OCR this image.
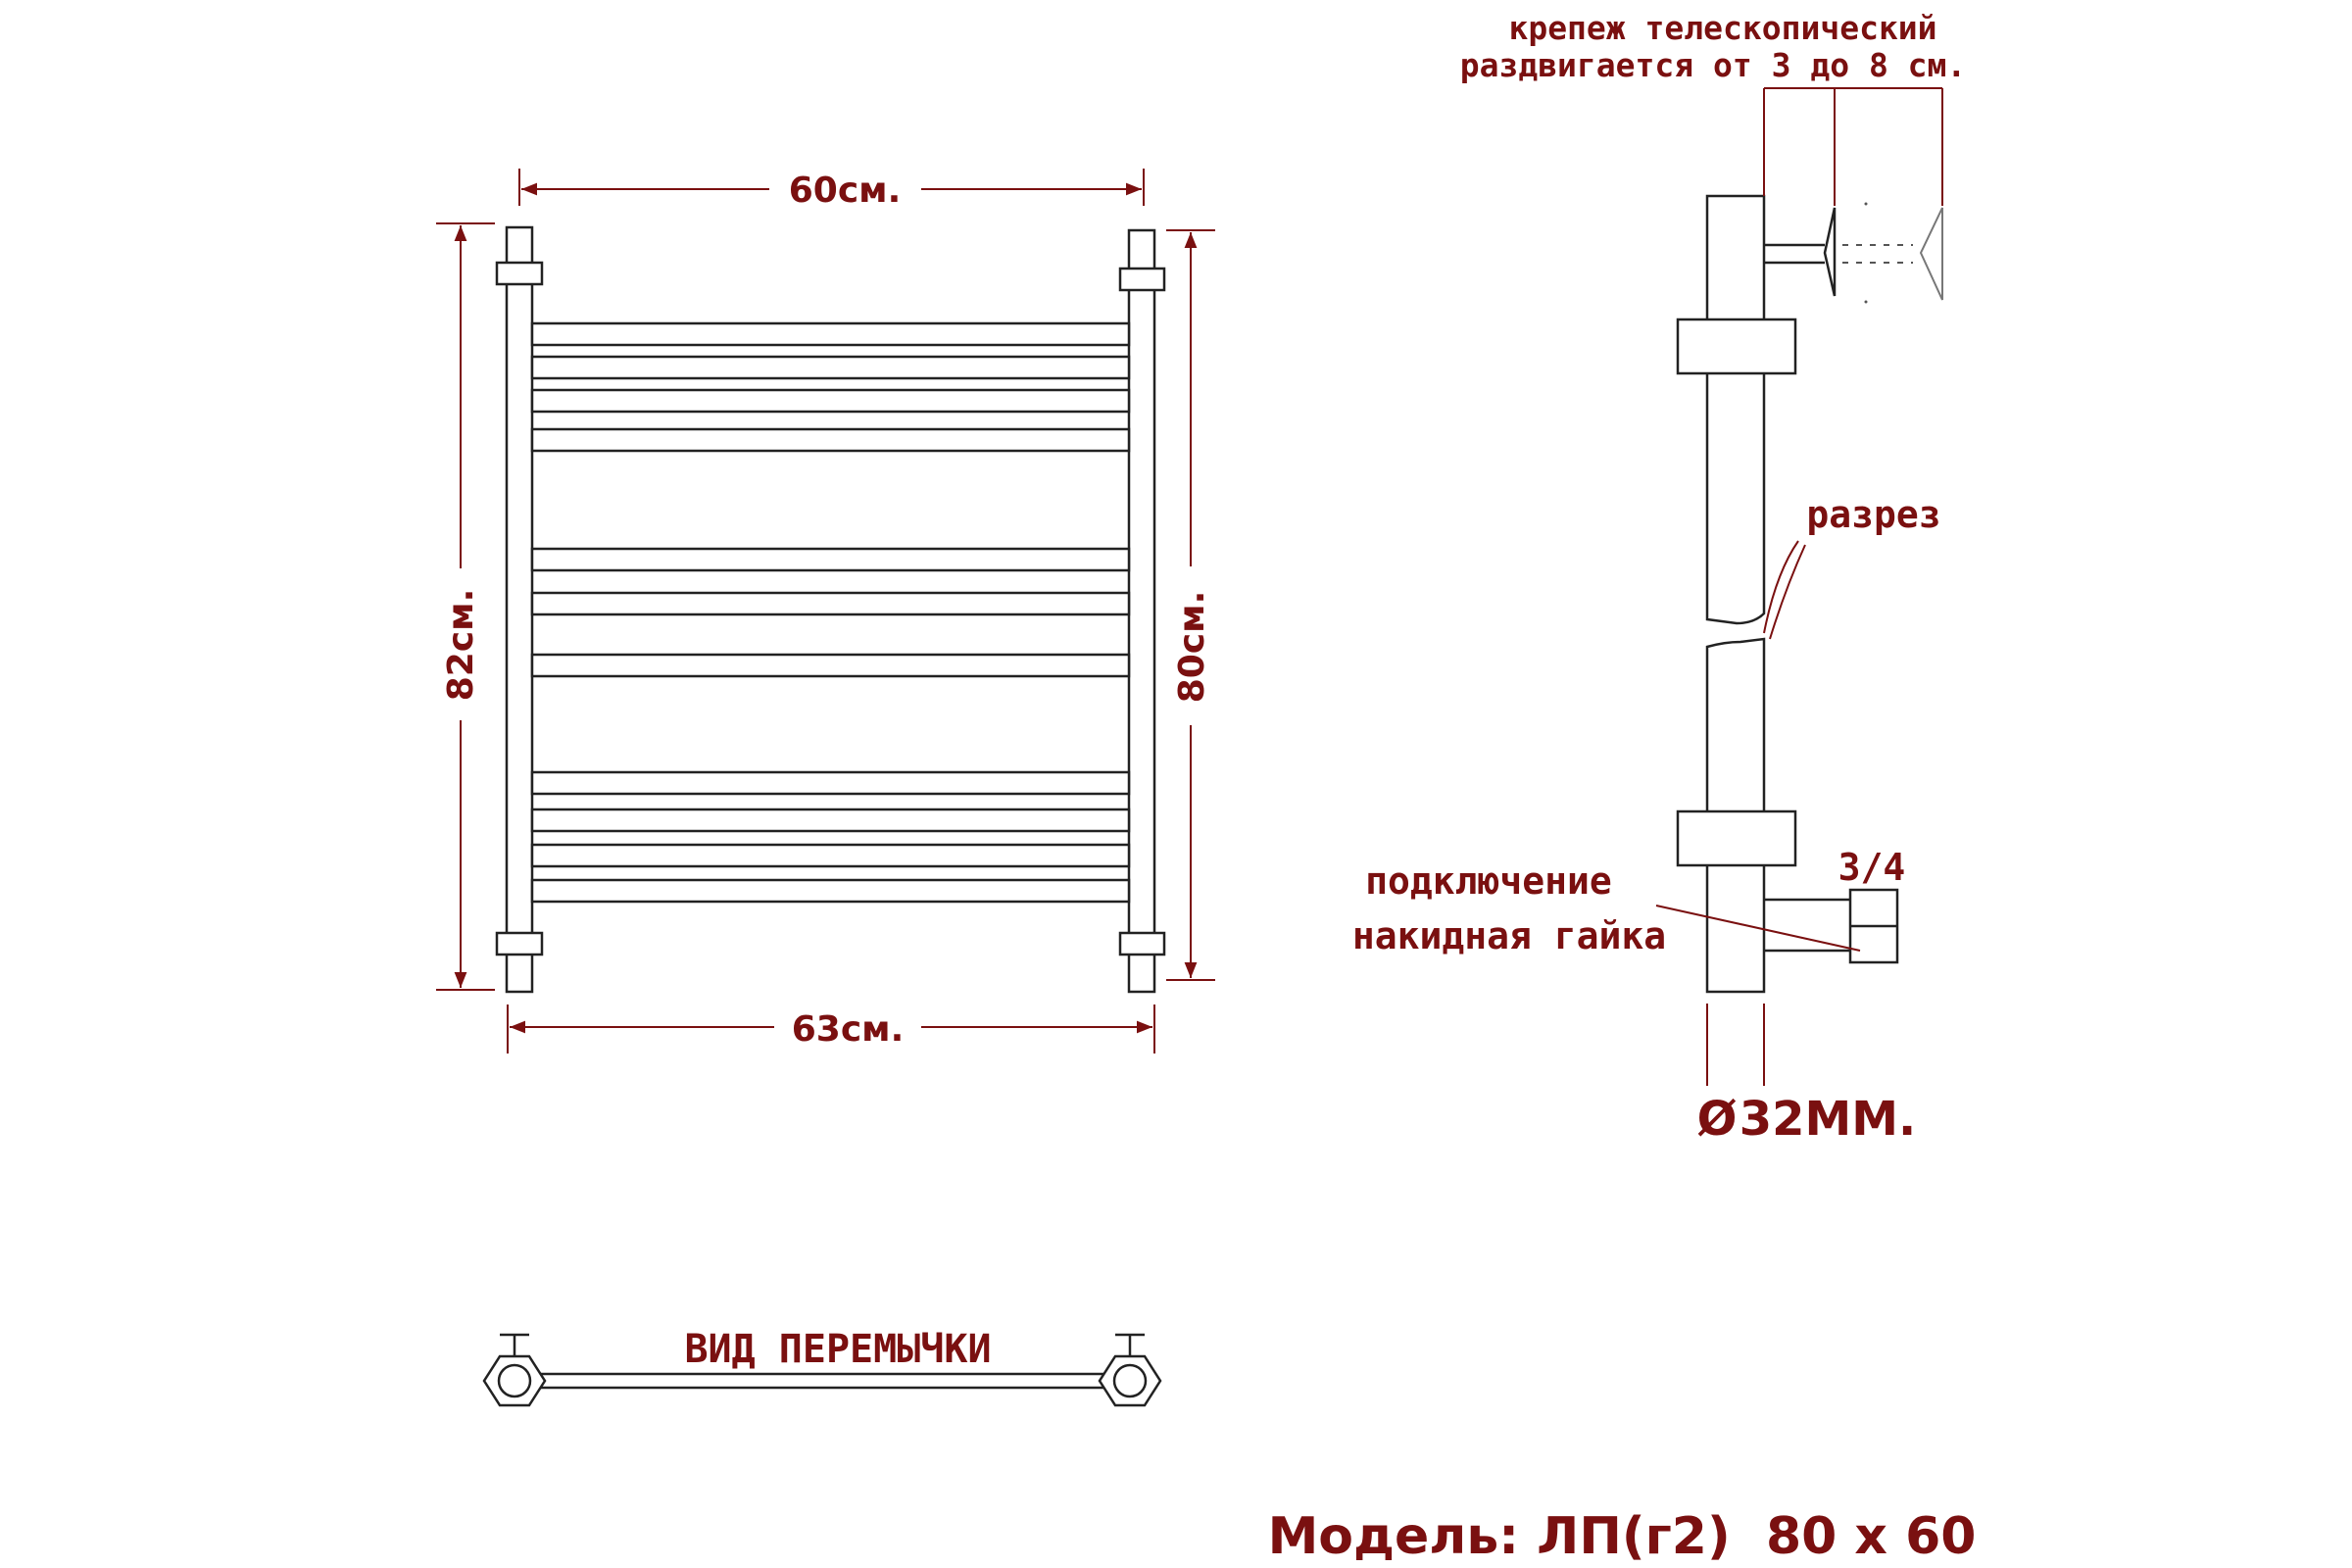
60см.
63см.
82см.	80см.
крепеж телескопический
раздвигается от 3 до 8 см.
разрез
3/4
подключение
накидная гайка
Ø 32ММ.
ВИД ПЕРЕМЫЧКИ
Модель: ЛП(г2)  80 х 60
